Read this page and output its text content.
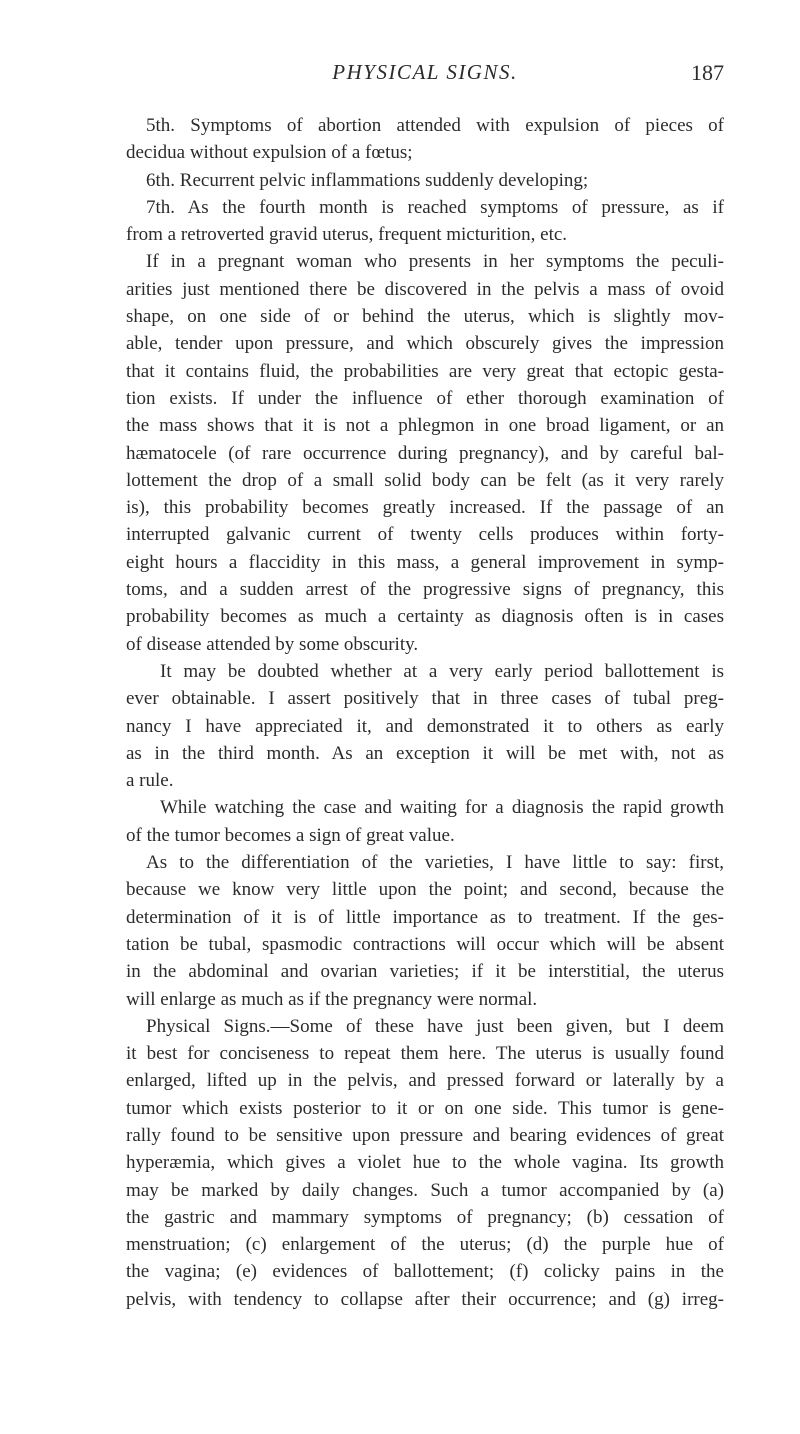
PHYSICAL SIGNS.	187
5th. Symptoms of abortion attended with expulsion of pieces of
decidua without expulsion of a fœtus;
6th. Recurrent pelvic inflammations suddenly developing;
7th. As the fourth month is reached symptoms of pressure, as if
from a retroverted gravid uterus, frequent micturition, etc.
If in a pregnant woman who presents in her symptoms the peculi-
arities just mentioned there be discovered in the pelvis a mass of ovoid
shape, on one side of or behind the uterus, which is slightly mov-
able, tender upon pressure, and which obscurely gives the impression
that it contains fluid, the probabilities are very great that ectopic gesta-
tion exists. If under the influence of ether thorough examination of
the mass shows that it is not a phlegmon in one broad ligament, or an
hæmatocele (of rare occurrence during pregnancy), and by careful bal-
lottement the drop of a small solid body can be felt (as it very rarely
is), this probability becomes greatly increased. If the passage of an
interrupted galvanic current of twenty cells produces within forty-
eight hours a flaccidity in this mass, a general improvement in symp-
toms, and a sudden arrest of the progressive signs of pregnancy, this
probability becomes as much a certainty as diagnosis often is in cases
of disease attended by some obscurity.
It may be doubted whether at a very early period ballottement is
ever obtainable. I assert positively that in three cases of tubal preg-
nancy I have appreciated it, and demonstrated it to others as early
as in the third month. As an exception it will be met with, not as
a rule.
While watching the case and waiting for a diagnosis the rapid growth
of the tumor becomes a sign of great value.
As to the differentiation of the varieties, I have little to say: first,
because we know very little upon the point; and second, because the
determination of it is of little importance as to treatment. If the ges-
tation be tubal, spasmodic contractions will occur which will be absent
in the abdominal and ovarian varieties; if it be interstitial, the uterus
will enlarge as much as if the pregnancy were normal.
Physical Signs.—Some of these have just been given, but I deem
it best for conciseness to repeat them here. The uterus is usually found
enlarged, lifted up in the pelvis, and pressed forward or laterally by a
tumor which exists posterior to it or on one side. This tumor is gene-
rally found to be sensitive upon pressure and bearing evidences of great
hyperæmia, which gives a violet hue to the whole vagina. Its growth
may be marked by daily changes. Such a tumor accompanied by (a)
the gastric and mammary symptoms of pregnancy; (b) cessation of
menstruation; (c) enlargement of the uterus; (d) the purple hue of
the vagina; (e) evidences of ballottement; (f) colicky pains in the
pelvis, with tendency to collapse after their occurrence; and (g) irreg-
